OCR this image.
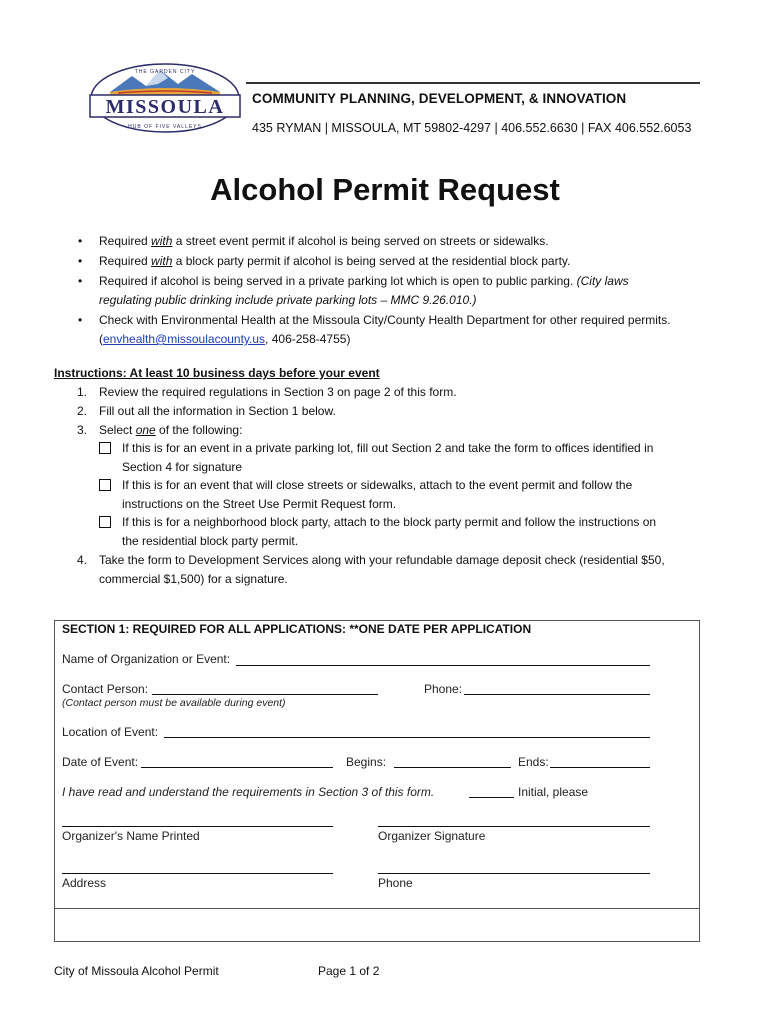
MISSOULA
THE GARDEN CITY
HUB OF FIVE VALLEYS
COMMUNITY PLANNING, DEVELOPMENT, & INNOVATION
435 RYMAN | MISSOULA, MT 59802-4297 | 406.552.6630 | FAX 406.552.6053
Alcohol Permit Request
• Required with a street event permit if alcohol is being served on streets or sidewalks.
• Required with a block party permit if alcohol is being served at the residential block party.
• Required if alcohol is being served in a private parking lot which is open to public parking. (City laws
regulating public drinking include private parking lots – MMC 9.26.010.)
• Check with Environmental Health at the Missoula City/County Health Department for other required permits.
(envhealth@missoulacounty.us, 406-258-4755)
Instructions: At least 10 business days before your event
1. Review the required regulations in Section 3 on page 2 of this form.
2. Fill out all the information in Section 1 below.
3. Select one of the following:
If this is for an event in a private parking lot, fill out Section 2 and take the form to offices identified in
Section 4 for signature
If this is for an event that will close streets or sidewalks, attach to the event permit and follow the
instructions on the Street Use Permit Request form.
If this is for a neighborhood block party, attach to the block party permit and follow the instructions on
the residential block party permit.
4. Take the form to Development Services along with your refundable damage deposit check (residential $50,
commercial $1,500) for a signature.
SECTION 1: REQUIRED FOR ALL APPLICATIONS: **ONE DATE PER APPLICATION
Name of Organization or Event:
Contact Person:	Phone:
(Contact person must be available during event)
Location of Event:
Date of Event:	Begins:	Ends:
I have read and understand the requirements in Section 3 of this form.	Initial, please
Organizer's Name Printed	Organizer Signature
Address	Phone
City of Missoula Alcohol Permit	Page 1 of 2
